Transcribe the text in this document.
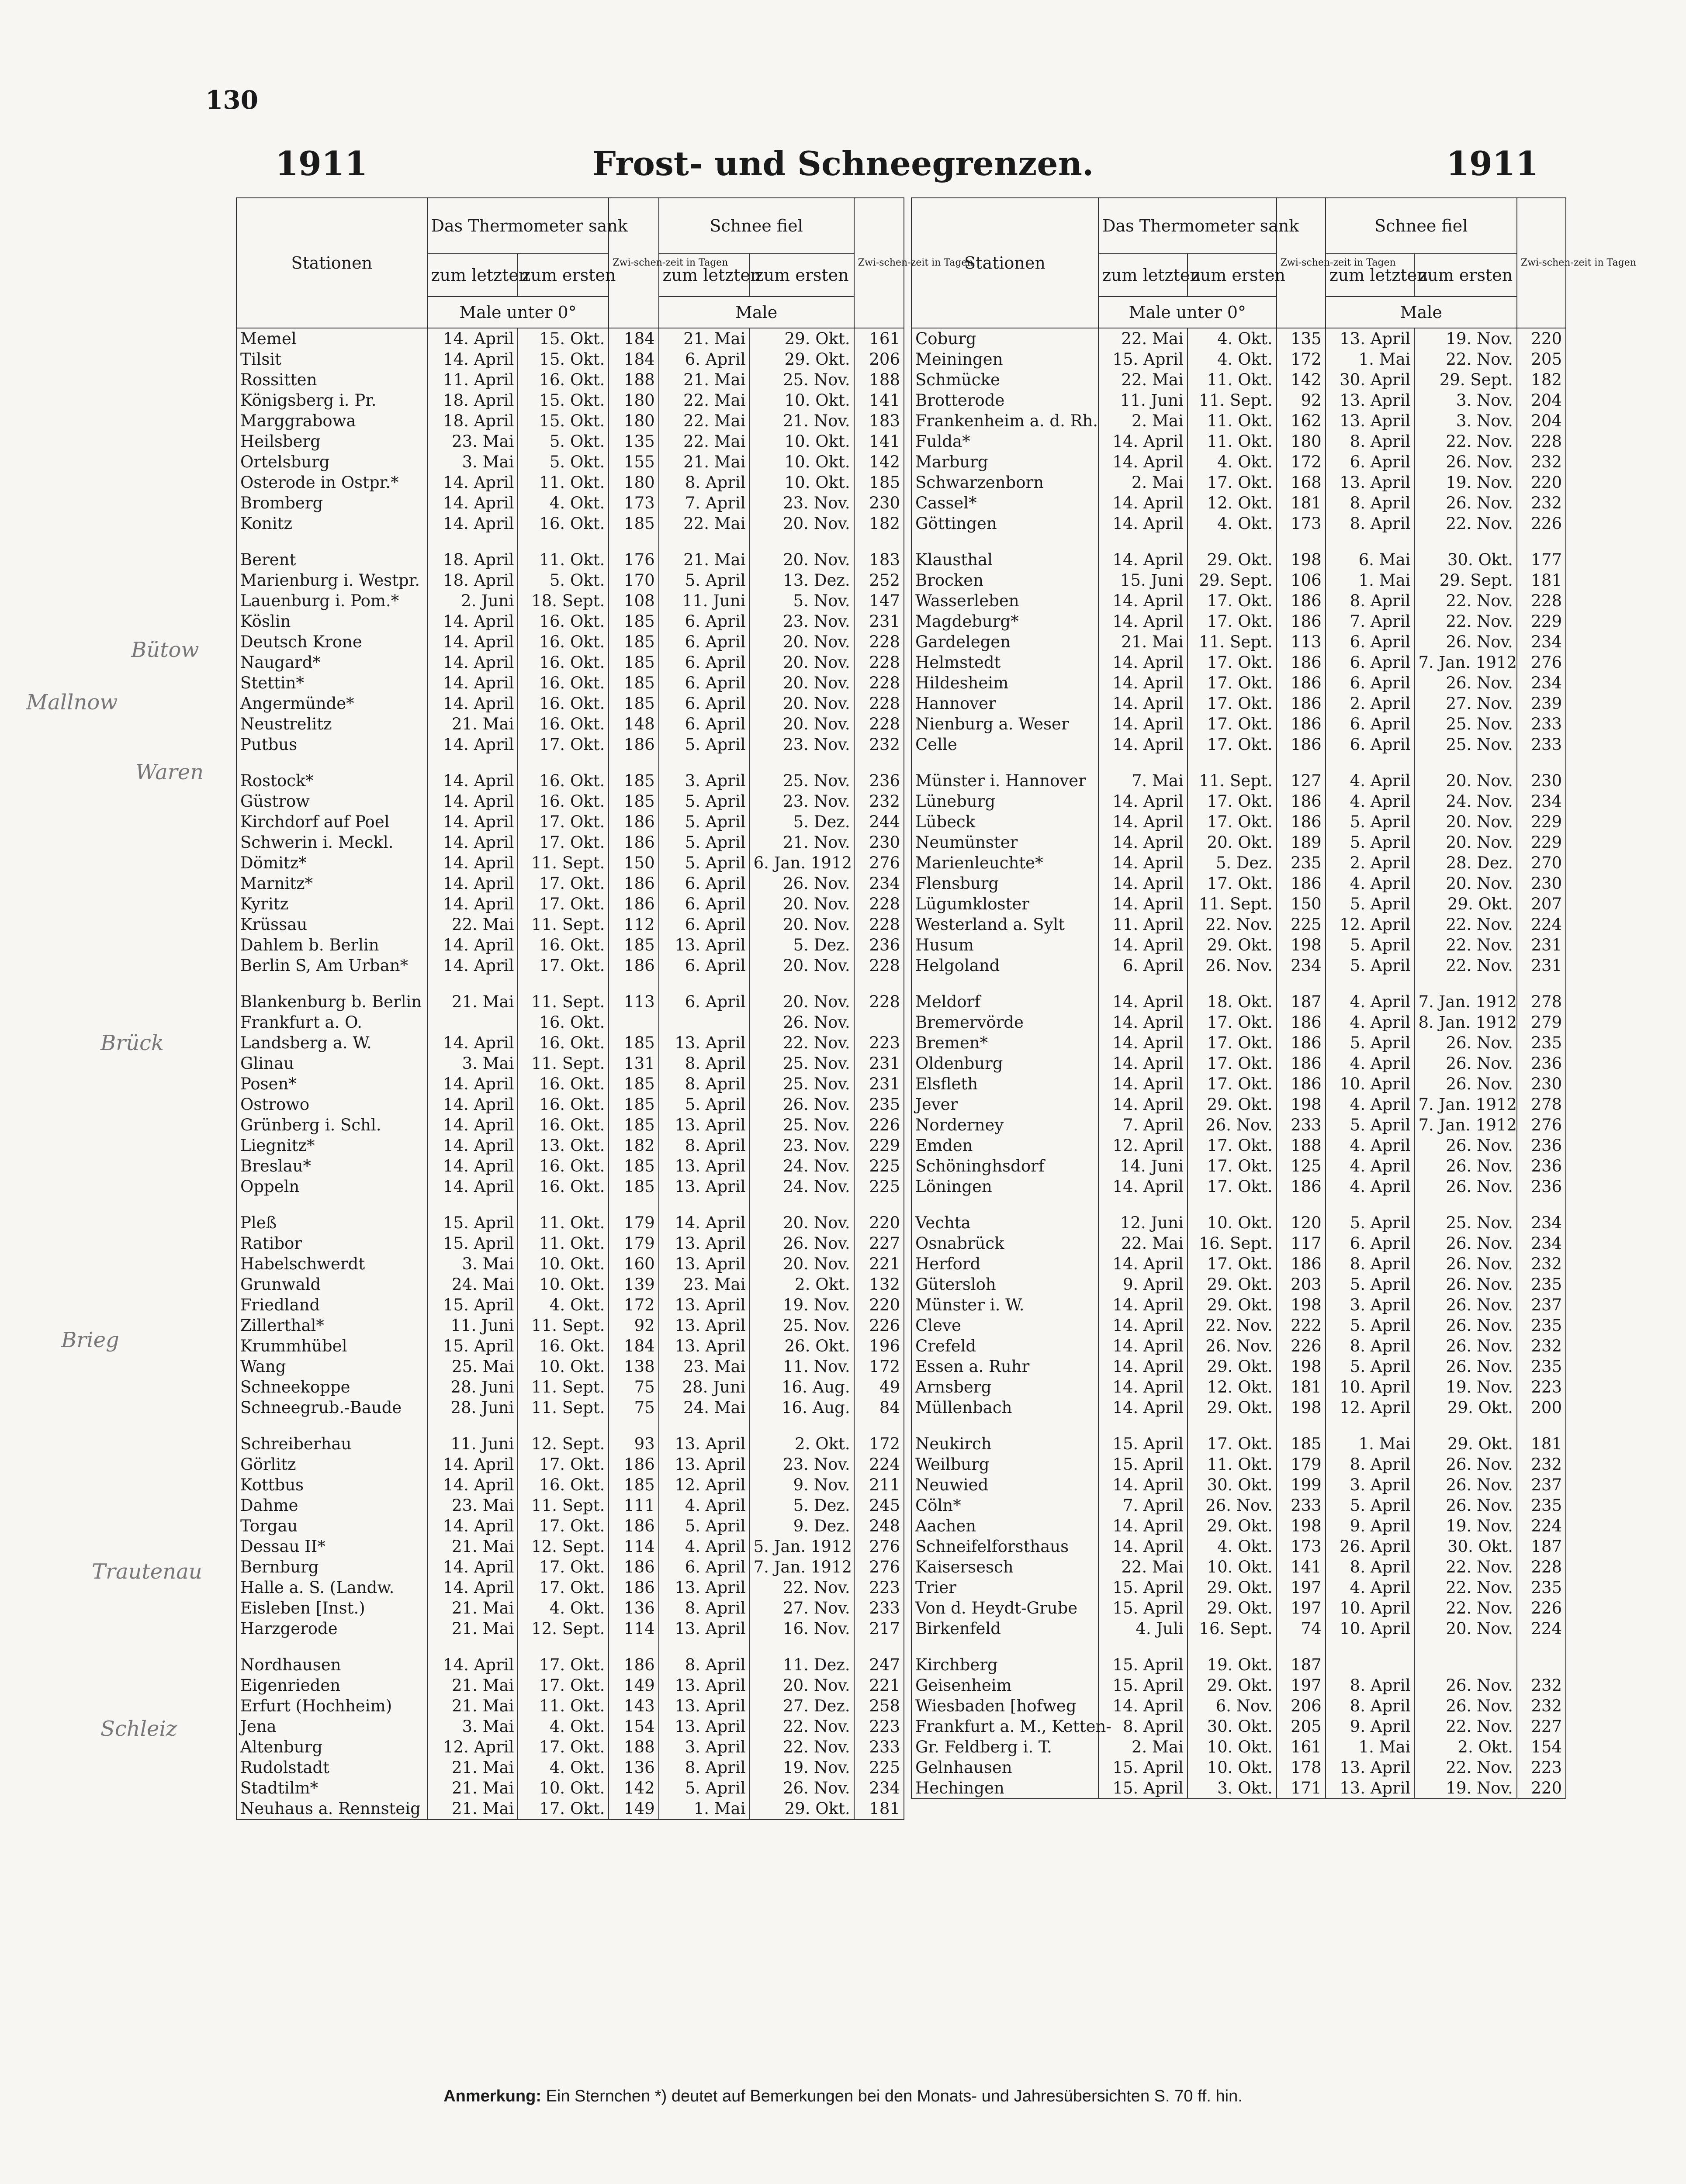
130
1911	Frost- und Schneegrenzen.	1911
Bütow
Mallnow
Waren
Brück
Brieg
Trautenau
Schleiz
Stationen	Das Thermometer sank		Zwi-schen-zeit in Tagen	Schnee fiel		Zwi-schen-zeit in Tagen
	zum letzten	zum ersten		zum letzten	zum ersten	
	Male unter 0°			Male		
Memel	14. April	15. Okt.	184	21. Mai	29. Okt.	161
Tilsit	14. April	15. Okt.	184	6. April	29. Okt.	206
Rossitten	11. April	16. Okt.	188	21. Mai	25. Nov.	188
Königsberg i. Pr.	18. April	15. Okt.	180	22. Mai	10. Okt.	141
Marggrabowa	18. April	15. Okt.	180	22. Mai	21. Nov.	183
Heilsberg	23. Mai	5. Okt.	135	22. Mai	10. Okt.	141
Ortelsburg	3. Mai	5. Okt.	155	21. Mai	10. Okt.	142
Osterode in Ostpr.*	14. April	11. Okt.	180	8. April	10. Okt.	185
Bromberg	14. April	4. Okt.	173	7. April	23. Nov.	230
Konitz	14. April	16. Okt.	185	22. Mai	20. Nov.	182

Berent	18. April	11. Okt.	176	21. Mai	20. Nov.	183
Marienburg i. Westpr.	18. April	5. Okt.	170	5. April	13. Dez.	252
Lauenburg i. Pom.*	2. Juni	18. Sept.	108	11. Juni	5. Nov.	147
Köslin	14. April	16. Okt.	185	6. April	23. Nov.	231
Deutsch Krone	14. April	16. Okt.	185	6. April	20. Nov.	228
Naugard*	14. April	16. Okt.	185	6. April	20. Nov.	228
Stettin*	14. April	16. Okt.	185	6. April	20. Nov.	228
Angermünde*	14. April	16. Okt.	185	6. April	20. Nov.	228
Neustrelitz	21. Mai	16. Okt.	148	6. April	20. Nov.	228
Putbus	14. April	17. Okt.	186	5. April	23. Nov.	232

Rostock*	14. April	16. Okt.	185	3. April	25. Nov.	236
Güstrow	14. April	16. Okt.	185	5. April	23. Nov.	232
Kirchdorf auf Poel	14. April	17. Okt.	186	5. April	5. Dez.	244
Schwerin i. Meckl.	14. April	17. Okt.	186	5. April	21. Nov.	230
Dömitz*	14. April	11. Sept.	150	5. April	6. Jan. 1912	276
Marnitz*	14. April	17. Okt.	186	6. April	26. Nov.	234
Kyritz	14. April	17. Okt.	186	6. April	20. Nov.	228
Krüssau	22. Mai	11. Sept.	112	6. April	20. Nov.	228
Dahlem b. Berlin	14. April	16. Okt.	185	13. April	5. Dez.	236
Berlin S, Am Urban*	14. April	17. Okt.	186	6. April	20. Nov.	228

Blankenburg b. Berlin	21. Mai	11. Sept.	113	6. April	20. Nov.	228
Frankfurt a. O.		16. Okt.			26. Nov.	
Landsberg a. W.	14. April	16. Okt.	185	13. April	22. Nov.	223
Glinau	3. Mai	11. Sept.	131	8. April	25. Nov.	231
Posen*	14. April	16. Okt.	185	8. April	25. Nov.	231
Ostrowo	14. April	16. Okt.	185	5. April	26. Nov.	235
Grünberg i. Schl.	14. April	16. Okt.	185	13. April	25. Nov.	226
Liegnitz*	14. April	13. Okt.	182	8. April	23. Nov.	229
Breslau*	14. April	16. Okt.	185	13. April	24. Nov.	225
Oppeln	14. April	16. Okt.	185	13. April	24. Nov.	225

Pleß	15. April	11. Okt.	179	14. April	20. Nov.	220
Ratibor	15. April	11. Okt.	179	13. April	26. Nov.	227
Habelschwerdt	3. Mai	10. Okt.	160	13. April	20. Nov.	221
Grunwald	24. Mai	10. Okt.	139	23. Mai	2. Okt.	132
Friedland	15. April	4. Okt.	172	13. April	19. Nov.	220
Zillerthal*	11. Juni	11. Sept.	92	13. April	25. Nov.	226
Krummhübel	15. April	16. Okt.	184	13. April	26. Okt.	196
Wang	25. Mai	10. Okt.	138	23. Mai	11. Nov.	172
Schneekoppe	28. Juni	11. Sept.	75	28. Juni	16. Aug.	49
Schneegrub.-Baude	28. Juni	11. Sept.	75	24. Mai	16. Aug.	84

Schreiberhau	11. Juni	12. Sept.	93	13. April	2. Okt.	172
Görlitz	14. April	17. Okt.	186	13. April	23. Nov.	224
Kottbus	14. April	16. Okt.	185	12. April	9. Nov.	211
Dahme	23. Mai	11. Sept.	111	4. April	5. Dez.	245
Torgau	14. April	17. Okt.	186	5. April	9. Dez.	248
Dessau II*	21. Mai	12. Sept.	114	4. April	5. Jan. 1912	276
Bernburg	14. April	17. Okt.	186	6. April	7. Jan. 1912	276
Halle a. S. (Landw.	14. April	17. Okt.	186	13. April	22. Nov.	223
Eisleben [Inst.)	21. Mai	4. Okt.	136	8. April	27. Nov.	233
Harzgerode	21. Mai	12. Sept.	114	13. April	16. Nov.	217

Nordhausen	14. April	17. Okt.	186	8. April	11. Dez.	247
Eigenrieden	21. Mai	17. Okt.	149	13. April	20. Nov.	221
Erfurt (Hochheim)	21. Mai	11. Okt.	143	13. April	27. Dez.	258
Jena	3. Mai	4. Okt.	154	13. April	22. Nov.	223
Altenburg	12. April	17. Okt.	188	3. April	22. Nov.	233
Rudolstadt	21. Mai	4. Okt.	136	8. April	19. Nov.	225
Stadtilm*	21. Mai	10. Okt.	142	5. April	26. Nov.	234
Neuhaus a. Rennsteig	21. Mai	17. Okt.	149	1. Mai	29. Okt.	181
Stationen	Das Thermometer sank		Zwi-schen-zeit in Tagen	Schnee fiel		Zwi-schen-zeit in Tagen
	zum letzten	zum ersten		zum letzten	zum ersten	
	Male unter 0°			Male		
Coburg	22. Mai	4. Okt.	135	13. April	19. Nov.	220
Meiningen	15. April	4. Okt.	172	1. Mai	22. Nov.	205
Schmücke	22. Mai	11. Okt.	142	30. April	29. Sept.	182
Brotterode	11. Juni	11. Sept.	92	13. April	3. Nov.	204
Frankenheim a. d. Rh.	2. Mai	11. Okt.	162	13. April	3. Nov.	204
Fulda*	14. April	11. Okt.	180	8. April	22. Nov.	228
Marburg	14. April	4. Okt.	172	6. April	26. Nov.	232
Schwarzenborn	2. Mai	17. Okt.	168	13. April	19. Nov.	220
Cassel*	14. April	12. Okt.	181	8. April	26. Nov.	232
Göttingen	14. April	4. Okt.	173	8. April	22. Nov.	226

Klausthal	14. April	29. Okt.	198	6. Mai	30. Okt.	177
Brocken	15. Juni	29. Sept.	106	1. Mai	29. Sept.	181
Wasserleben	14. April	17. Okt.	186	8. April	22. Nov.	228
Magdeburg*	14. April	17. Okt.	186	7. April	22. Nov.	229
Gardelegen	21. Mai	11. Sept.	113	6. April	26. Nov.	234
Helmstedt	14. April	17. Okt.	186	6. April	7. Jan. 1912	276
Hildesheim	14. April	17. Okt.	186	6. April	26. Nov.	234
Hannover	14. April	17. Okt.	186	2. April	27. Nov.	239
Nienburg a. Weser	14. April	17. Okt.	186	6. April	25. Nov.	233
Celle	14. April	17. Okt.	186	6. April	25. Nov.	233

Münster i. Hannover	7. Mai	11. Sept.	127	4. April	20. Nov.	230
Lüneburg	14. April	17. Okt.	186	4. April	24. Nov.	234
Lübeck	14. April	17. Okt.	186	5. April	20. Nov.	229
Neumünster	14. April	20. Okt.	189	5. April	20. Nov.	229
Marienleuchte*	14. April	5. Dez.	235	2. April	28. Dez.	270
Flensburg	14. April	17. Okt.	186	4. April	20. Nov.	230
Lügumkloster	14. April	11. Sept.	150	5. April	29. Okt.	207
Westerland a. Sylt	11. April	22. Nov.	225	12. April	22. Nov.	224
Husum	14. April	29. Okt.	198	5. April	22. Nov.	231
Helgoland	6. April	26. Nov.	234	5. April	22. Nov.	231

Meldorf	14. April	18. Okt.	187	4. April	7. Jan. 1912	278
Bremervörde	14. April	17. Okt.	186	4. April	8. Jan. 1912	279
Bremen*	14. April	17. Okt.	186	5. April	26. Nov.	235
Oldenburg	14. April	17. Okt.	186	4. April	26. Nov.	236
Elsfleth	14. April	17. Okt.	186	10. April	26. Nov.	230
Jever	14. April	29. Okt.	198	4. April	7. Jan. 1912	278
Norderney	7. April	26. Nov.	233	5. April	7. Jan. 1912	276
Emden	12. April	17. Okt.	188	4. April	26. Nov.	236
Schöninghsdorf	14. Juni	17. Okt.	125	4. April	26. Nov.	236
Löningen	14. April	17. Okt.	186	4. April	26. Nov.	236

Vechta	12. Juni	10. Okt.	120	5. April	25. Nov.	234
Osnabrück	22. Mai	16. Sept.	117	6. April	26. Nov.	234
Herford	14. April	17. Okt.	186	8. April	26. Nov.	232
Gütersloh	9. April	29. Okt.	203	5. April	26. Nov.	235
Münster i. W.	14. April	29. Okt.	198	3. April	26. Nov.	237
Cleve	14. April	22. Nov.	222	5. April	26. Nov.	235
Crefeld	14. April	26. Nov.	226	8. April	26. Nov.	232
Essen a. Ruhr	14. April	29. Okt.	198	5. April	26. Nov.	235
Arnsberg	14. April	12. Okt.	181	10. April	19. Nov.	223
Müllenbach	14. April	29. Okt.	198	12. April	29. Okt.	200

Neukirch	15. April	17. Okt.	185	1. Mai	29. Okt.	181
Weilburg	15. April	11. Okt.	179	8. April	26. Nov.	232
Neuwied	14. April	30. Okt.	199	3. April	26. Nov.	237
Cöln*	7. April	26. Nov.	233	5. April	26. Nov.	235
Aachen	14. April	29. Okt.	198	9. April	19. Nov.	224
Schneifelforsthaus	14. April	4. Okt.	173	26. April	30. Okt.	187
Kaisersesch	22. Mai	10. Okt.	141	8. April	22. Nov.	228
Trier	15. April	29. Okt.	197	4. April	22. Nov.	235
Von d. Heydt-Grube	15. April	29. Okt.	197	10. April	22. Nov.	226
Birkenfeld	4. Juli	16. Sept.	74	10. April	20. Nov.	224

Kirchberg	15. April	19. Okt.	187			
Geisenheim	15. April	29. Okt.	197	8. April	26. Nov.	232
Wiesbaden [hofweg	14. April	6. Nov.	206	8. April	26. Nov.	232
Frankfurt a. M., Ketten-	8. April	30. Okt.	205	9. April	22. Nov.	227
Gr. Feldberg i. T.	2. Mai	10. Okt.	161	1. Mai	2. Okt.	154
Gelnhausen	15. April	10. Okt.	178	13. April	22. Nov.	223
Hechingen	15. April	3. Okt.	171	13. April	19. Nov.	220
Anmerkung: Ein Sternchen *) deutet auf Bemerkungen bei den Monats- und Jahresübersichten S. 70 ff. hin.
